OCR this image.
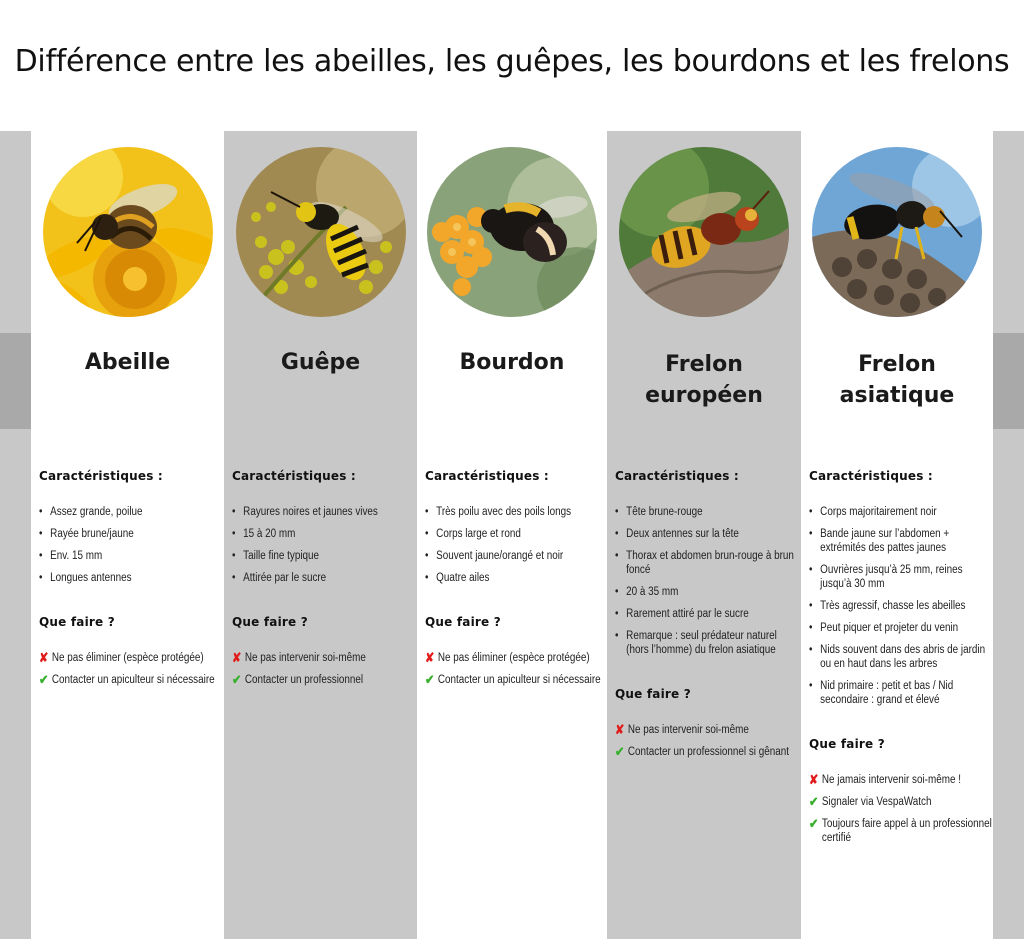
Différence entre les abeilles, les guêpes, les bourdons et les frelons
Abeille
Caractéristiques :
• Assez grande, poilue
• Rayée brune/jaune
• Env. 15 mm
• Longues antennes
Que faire ?
✘ Ne pas éliminer (espèce protégée)
✔ Contacter un apiculteur si nécessaire
Guêpe
Caractéristiques :
• Rayures noires et jaunes vives
• 15 à 20 mm
• Taille fine typique
• Attirée par le sucre
Que faire ?
✘ Ne pas intervenir soi-même
✔ Contacter un professionnel
Bourdon
Caractéristiques :
• Très poilu avec des poils longs
• Corps large et rond
• Souvent jaune/orangé et noir
• Quatre ailes
Que faire ?
✘ Ne pas éliminer (espèce protégée)
✔ Contacter un apiculteur si nécessaire
Frelon
européen
Caractéristiques :
• Tête brune-rouge
• Deux antennes sur la tête
• Thorax et abdomen brun-rouge à brun foncé
• 20 à 35 mm
• Rarement attiré par le sucre
• Remarque : seul prédateur naturel (hors l’homme) du frelon asiatique
Que faire ?
✘ Ne pas intervenir soi-même
✔ Contacter un professionnel si gênant
Frelon
asiatique
Caractéristiques :
• Corps majoritairement noir
• Bande jaune sur l’abdomen + extrémités des pattes jaunes
• Ouvrières jusqu’à 25 mm, reines jusqu’à 30 mm
• Très agressif, chasse les abeilles
• Peut piquer et projeter du venin
• Nids souvent dans des abris de jardin ou en haut dans les arbres
• Nid primaire : petit et bas / Nid secondaire : grand et élevé
Que faire ?
✘ Ne jamais intervenir soi-même !
✔ Signaler via VespaWatch
✔ Toujours faire appel à un professionnel certifié
